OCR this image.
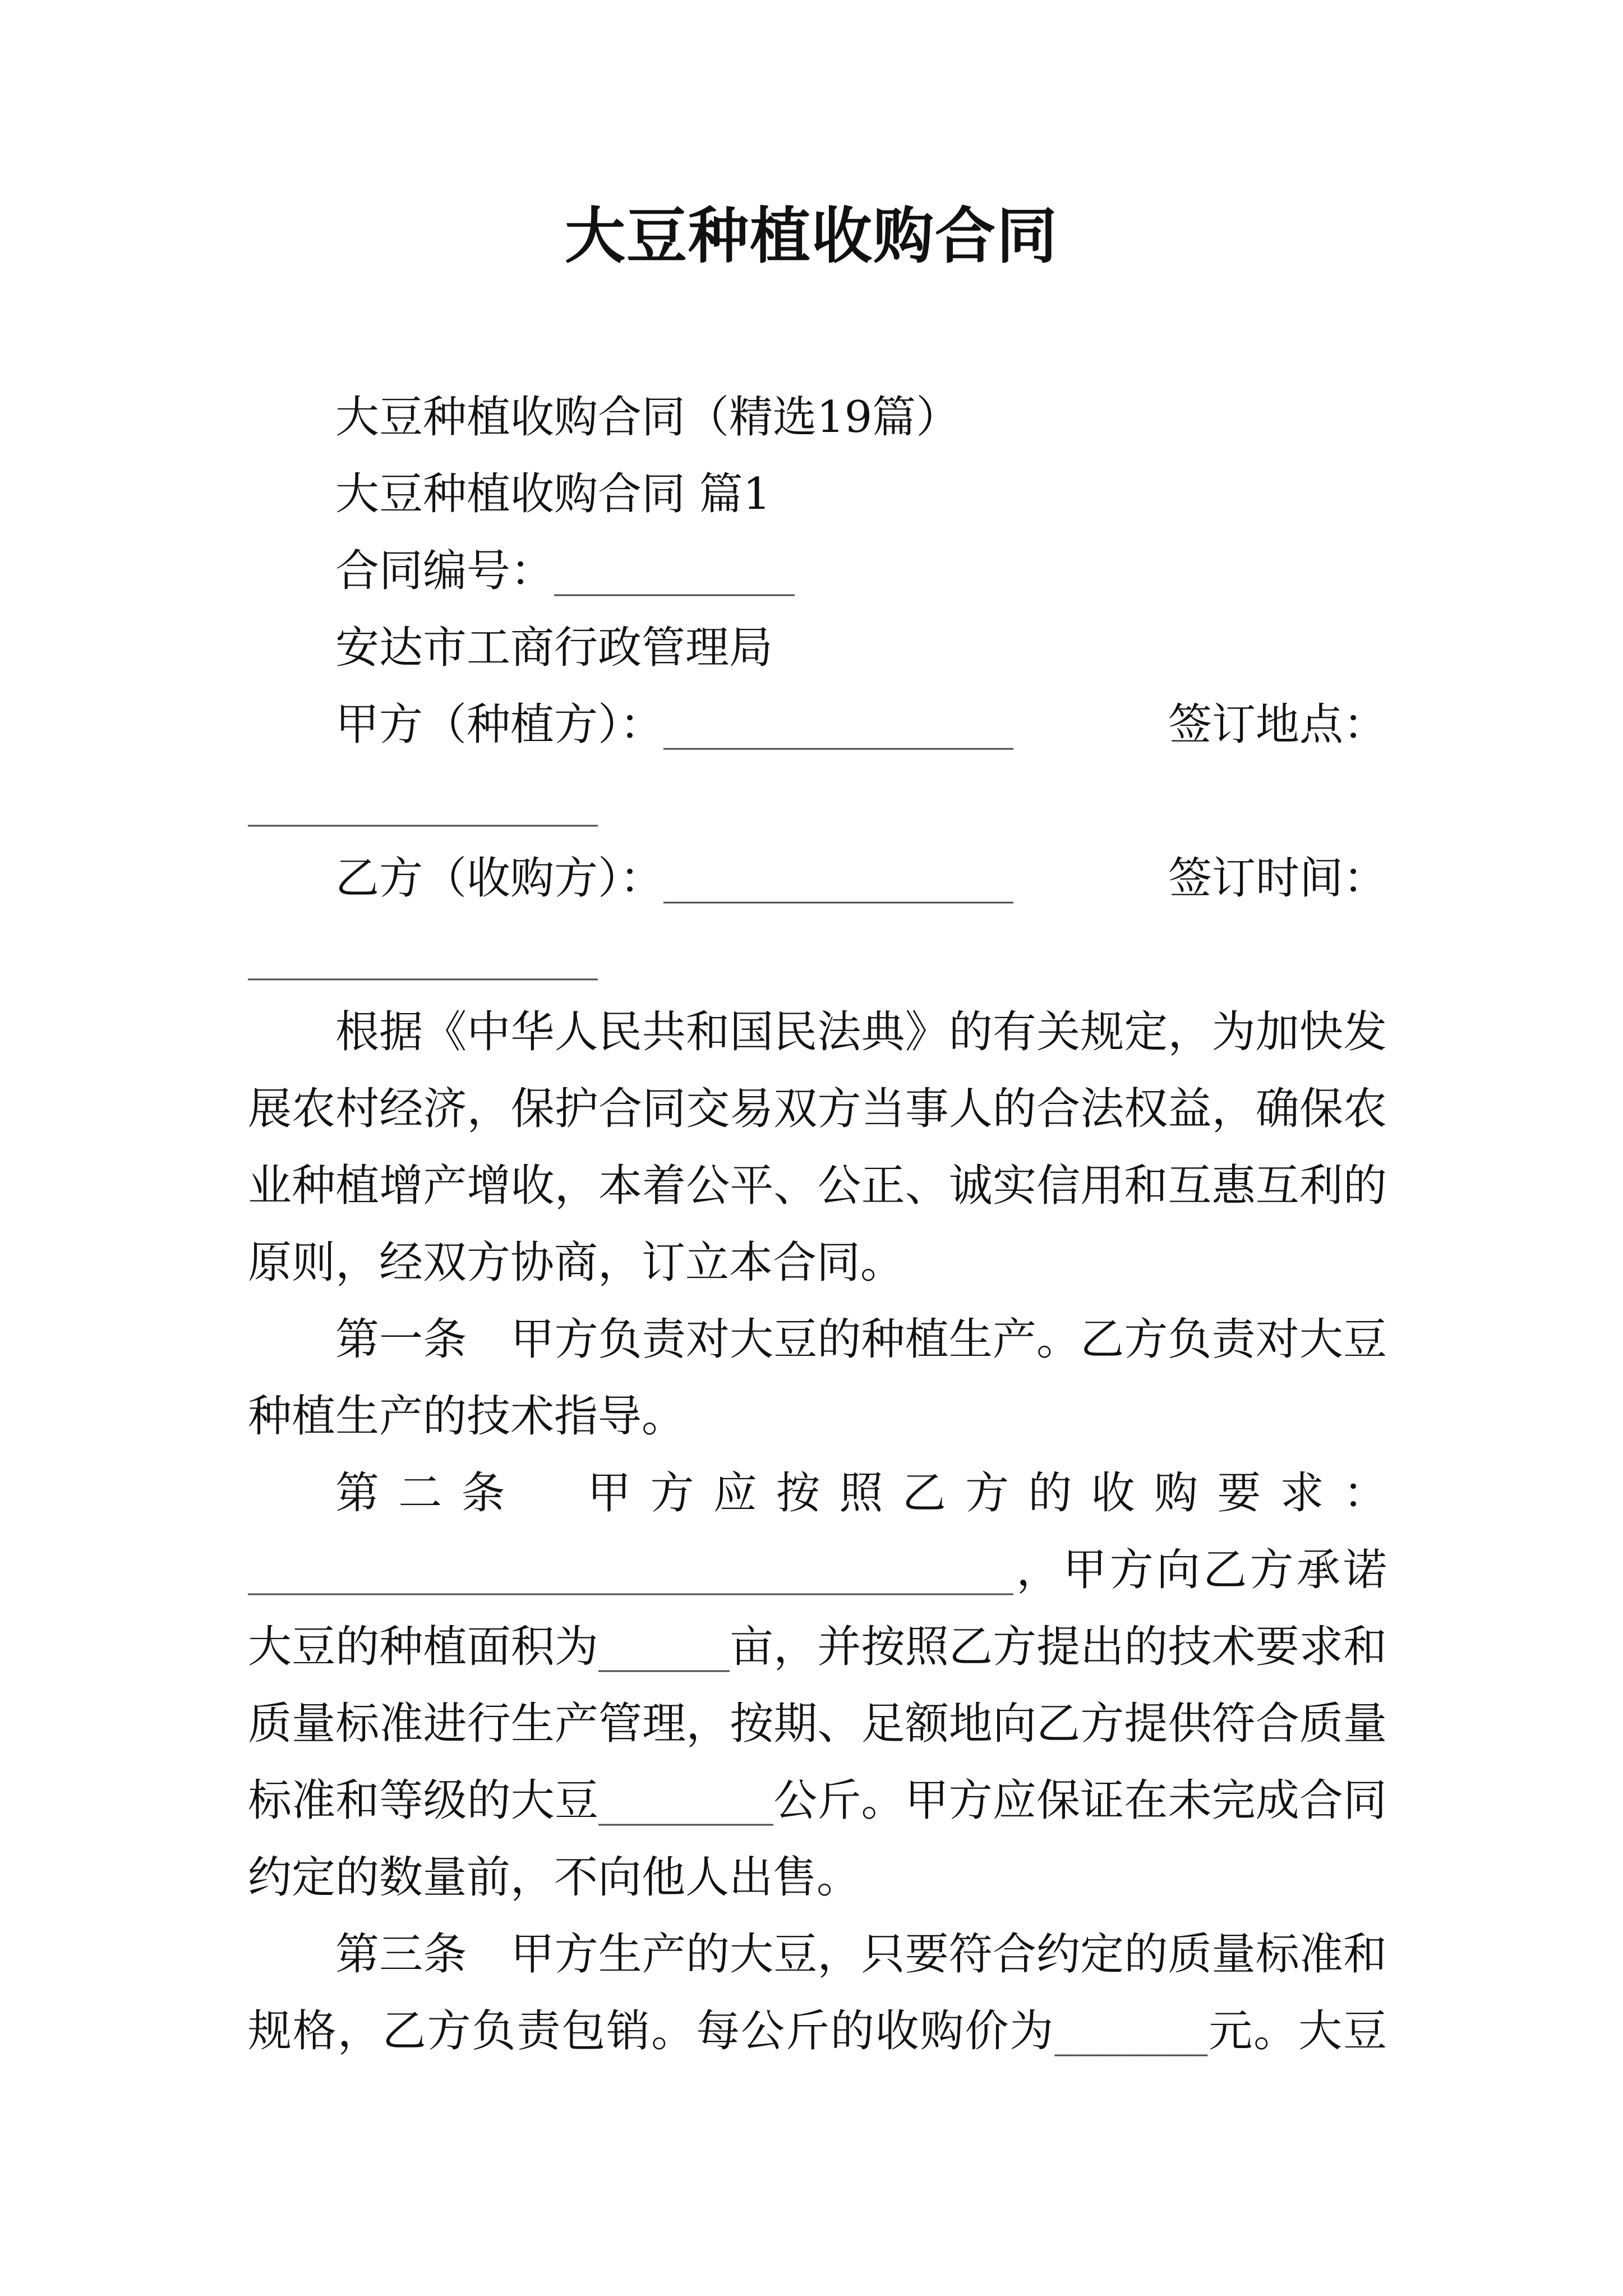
大豆种植收购合同
大豆种植收购合同（精选19篇）
大豆种植收购合同 篇1
合同编号：___________
安达市工商行政管理局
甲方（种植方）：________________	签订地点：
________________
乙方（收购方）：________________	签订时间：
________________
根据《中华人民共和国民法典》的有关规定，为加快发
展农村经济，保护合同交易双方当事人的合法权益，确保农
业种植增产增收，本着公平、公正、诚实信用和互惠互利的
原则，经双方协商，订立本合同。
第一条　甲方负责对大豆的种植生产。乙方负责对大豆
种植生产的技术指导。
第二条　甲方应按照乙方的收购要求：
___________________________________，甲方向乙方承诺
大豆的种植面积为______亩，并按照乙方提出的技术要求和
质量标准进行生产管理，按期、足额地向乙方提供符合质量
标准和等级的大豆________公斤。甲方应保证在未完成合同
约定的数量前，不向他人出售。
第三条　甲方生产的大豆，只要符合约定的质量标准和
规格，乙方负责包销。每公斤的收购价为_______元。大豆
